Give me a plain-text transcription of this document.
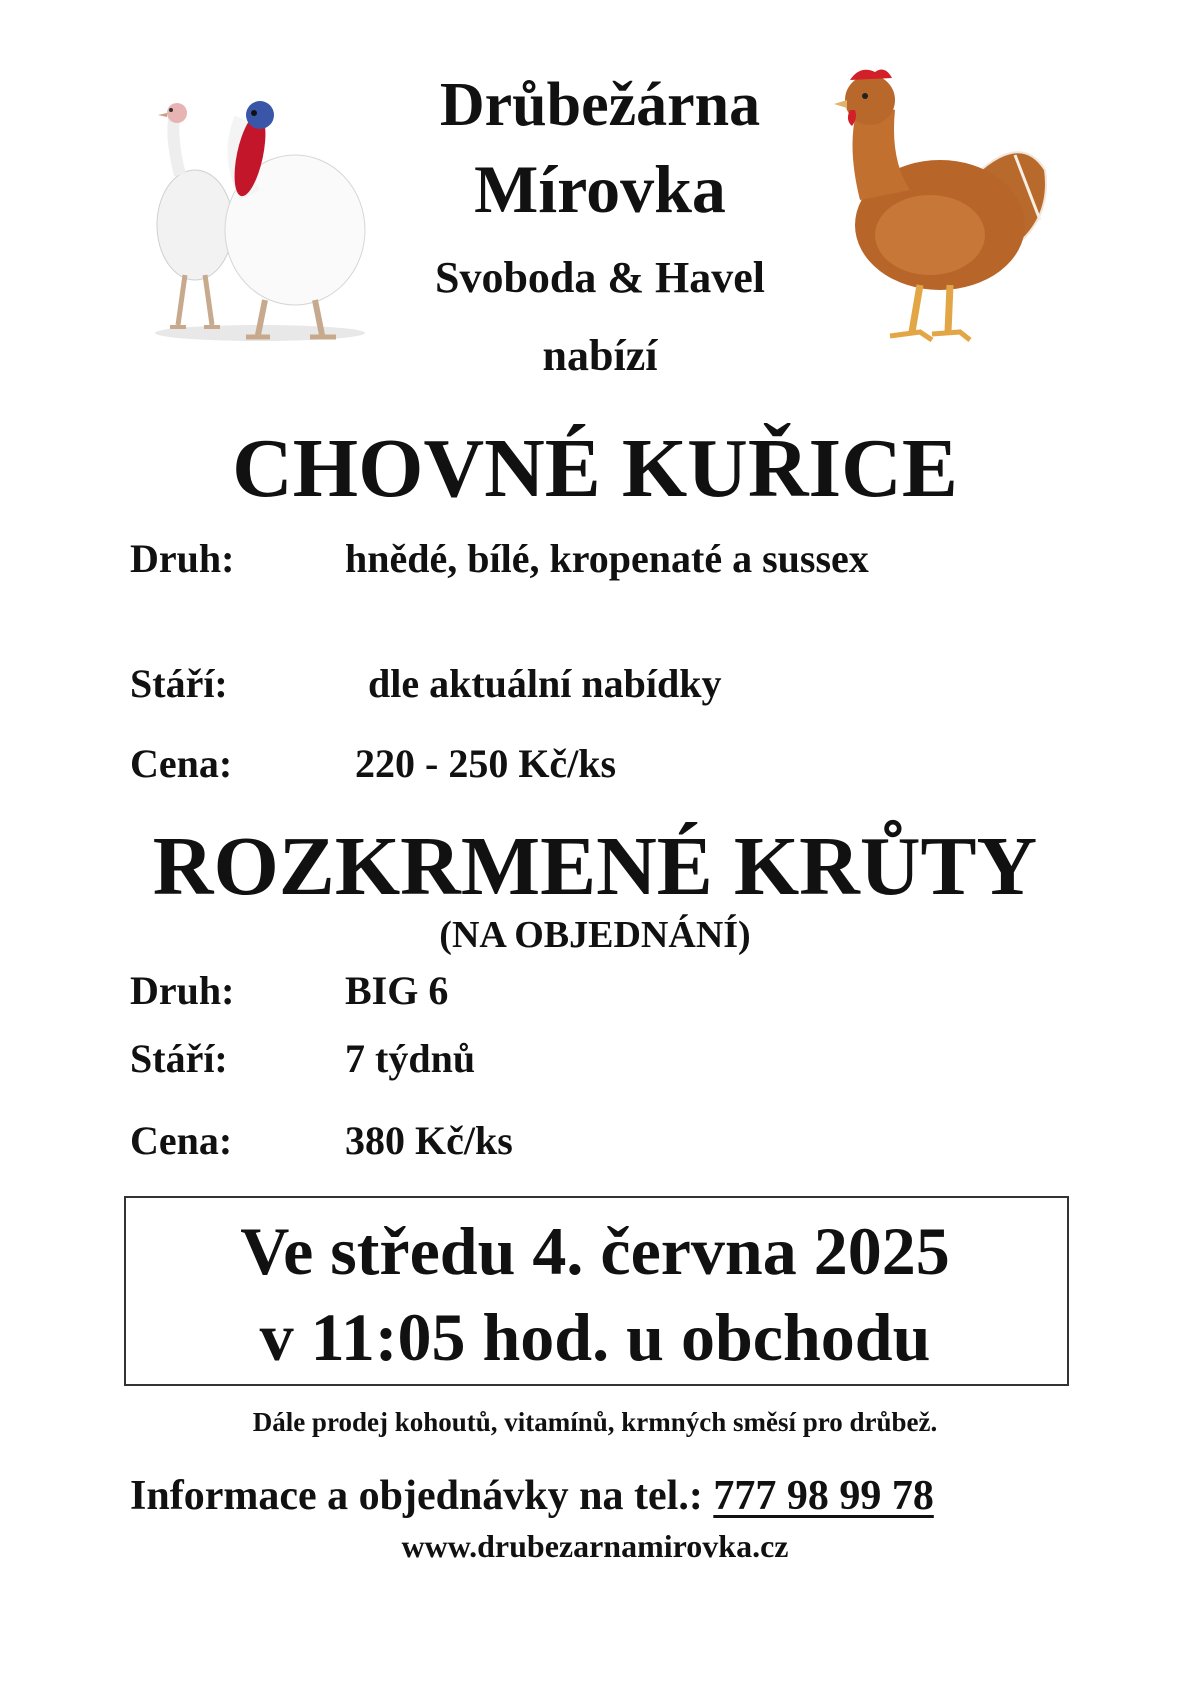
Drůbežárna
Mírovka
Svoboda & Havel
nabízí
CHOVNÉ KUŘICE
Druh:	hnědé, bílé, kropenaté a sussex
Stáří:	dle aktuální nabídky
Cena:	220 - 250 Kč/ks
ROZKRMENÉ KRŮTY
(NA OBJEDNÁNÍ)
Druh:	BIG 6
Stáří:	7 týdnů
Cena:	380 Kč/ks
Ve středu 4. června 2025
v 11:05 hod. u obchodu
Dále prodej kohoutů, vitamínů, krmných směsí pro drůbež.
Informace a objednávky na tel.: 777 98 99 78
www.drubezarnamirovka.cz
